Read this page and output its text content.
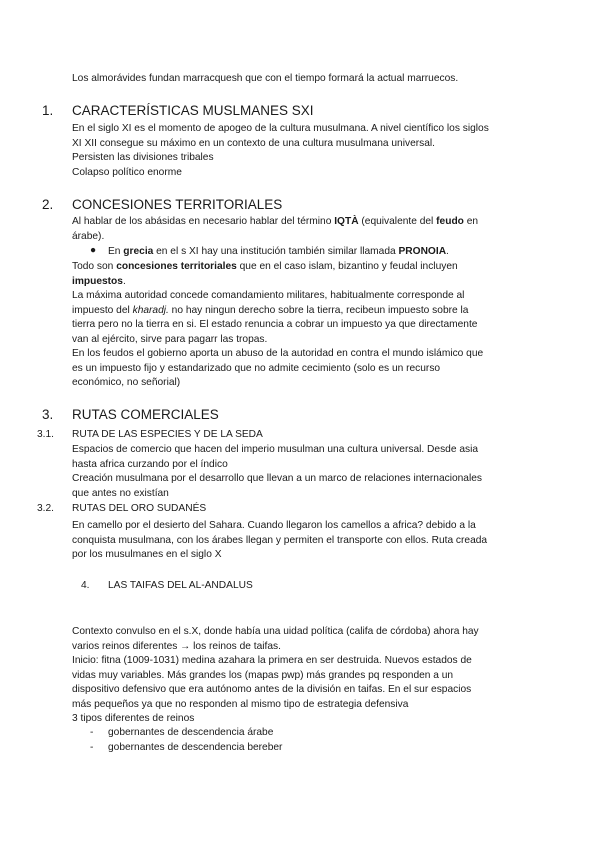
Los almorávides fundan marracquesh que con el tiempo formará la actual marruecos.
1. CARACTERÍSTICAS MUSLMANES SXI
En el siglo XI es el momento de apogeo de la cultura musulmana. A nivel científico los siglos
XI XII consegue su máximo en un contexto de una cultura musulmana universal.
Persisten las divisiones tribales
Colapso político enorme
2. CONCESIONES TERRITORIALES
Al hablar de los abásidas en necesario hablar del término IQTÀ (equivalente del feudo en
árabe).
● En grecia en el s XI hay una institución también similar llamada PRONOIA.
Todo son concesiones territoriales que en el caso islam, bizantino y feudal incluyen
impuestos.
La máxima autoridad concede comandamiento militares, habitualmente corresponde al
impuesto del kharadj. no hay ningun derecho sobre la tierra, recibeun impuesto sobre la
tierra pero no la tierra en si. El estado renuncia a cobrar un impuesto ya que directamente
van al ejército, sirve para pagarr las tropas.
En los feudos el gobierno aporta un abuso de la autoridad en contra el mundo islámico que
es un impuesto fijo y estandarizado que no admite cecimiento (solo es un recurso
económico, no señorial)
3. RUTAS COMERCIALES
3.1. RUTA DE LAS ESPECIES Y DE LA SEDA
Espacios de comercio que hacen del imperio musulman una cultura universal. Desde asia
hasta africa curzando por el índico
Creación musulmana por el desarrollo que llevan a un marco de relaciones internacionales
que antes no existían
3.2. RUTAS DEL ORO SUDANÉS
En camello por el desierto del Sahara. Cuando llegaron los camellos a africa? debido a la
conquista musulmana, con los árabes llegan y permiten el transporte con ellos. Ruta creada
por los musulmanes en el siglo X
4. LAS TAIFAS DEL AL-ANDALUS
Contexto convulso en el s.X, donde había una uidad política (califa de córdoba) ahora hay
varios reinos diferentes → los reinos de taifas.
Inicio: fitna (1009-1031) medina azahara la primera en ser destruida. Nuevos estados de
vidas muy variables. Más grandes los (mapas pwp) más grandes pq responden a un
dispositivo defensivo que era autónomo antes de la división en taifas. En el sur espacios
más pequeños ya que no responden al mismo tipo de estrategia defensiva
3 tipos diferentes de reinos
- gobernantes de descendencia árabe
- gobernantes de descendencia bereber
